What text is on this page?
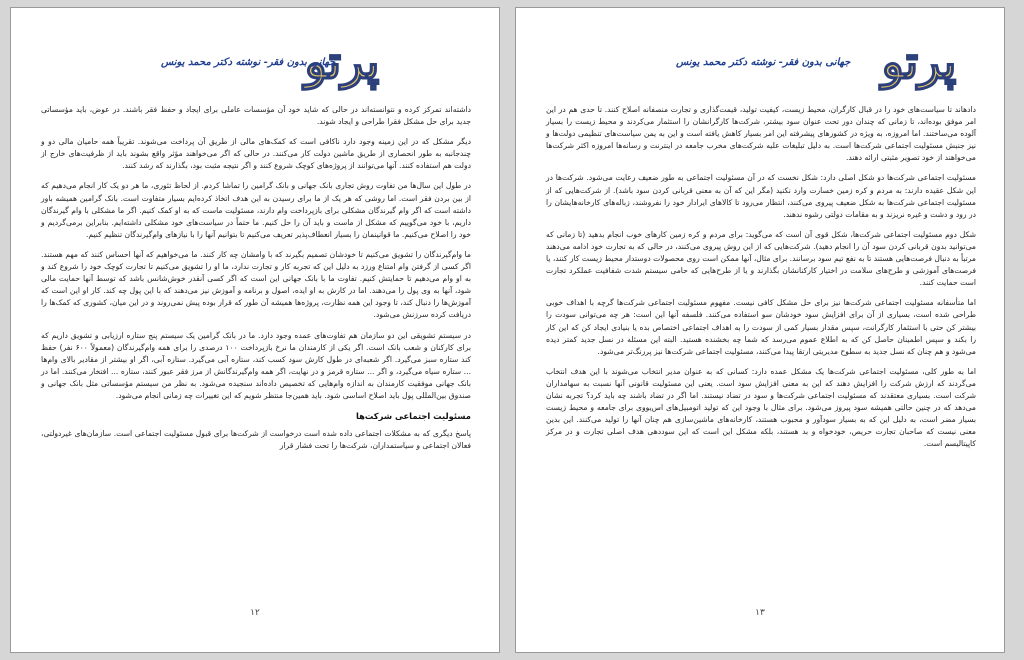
پرتو
جهانی بدون فقر- نوشته دکتر محمد یونس

داشته‌اند تمرکز کرده و نتوانسته‌اند در حالی که شاید خود آن مؤسسات عاملی برای ایجاد و حفظ فقر باشند. در عوض، باید مؤسساتی جدید برای حل مشکل فقرا طراحی و ایجاد شوند.

دیگر مشکل که در این زمینه وجود دارد ناکافی است که کمک‌های مالی از طریق آن پرداخت می‌شوند. تقریباً همه حامیان مالی دو و چندجانبه به طور انحصاری از طریق ماشین دولت کار می‌کنند. در حالی که اگر می‌خواهند مؤثر واقع بشوند باید از ظرفیت‌های خارج از دولت هم استفاده کنند. آنها می‌توانند از پروژه‌های کوچک شروع کنند و اگر نتیجه مثبت بود، بگذارند که رشد کنند.

در طول این سال‌ها من تفاوت روش تجاری بانک جهانی و بانک گرامین را تماشا کردم. از لحاظ تئوری، ما هر دو یک کار انجام می‌دهیم که از بین بردن فقر است. اما روشی که هر یک از ما برای رسیدن به این هدف اتخاذ کرده‌ایم بسیار متفاوت است. بانک گرامین همیشه باور داشته است که اگر وام گیرندگان مشکلی برای بازپرداخت وام دارند، مسئولیت ماست که به او کمک کنیم. اگر ما مشکلی با وام گیرندگان داریم، با خود می‌گوییم که مشکل از ماست و باید آن را حل کنیم. ما حتماً در سیاست‌های خود مشکلی داشته‌ایم. بنابراین برمی‌گردیم و خود را اصلاح می‌کنیم. ما قوانینمان را بسیار انعطاف‌پذیر تعریف می‌کنیم تا بتوانیم آنها را با نیازهای وام‌گیرندگان تنظیم کنیم.

ما وام‌گیرندگان را تشویق می‌کنیم تا خودشان تصمیم بگیرند که با وامشان چه کار کنند. ما می‌خواهیم که آنها احساس کنند که مهم هستند. اگر کسی از گرفتن وام امتناع ورزد به دلیل این که تجربه کار و تجارت ندارد، ما او را تشویق می‌کنیم تا تجارت کوچک خود را شروع کند و به او وام می‌دهیم تا حمایتش کنیم. تفاوت ما با بانک جهانی این است که اگر کسی آنقدر خوش‌شانس باشد که توسط آنها حمایت مالی شود، آنها به وی پول را می‌دهند. اما در کارش به او ایده، اصول و برنامه و آموزش نیز می‌دهند که با این پول چه کند. کار او این است که آموزش‌ها را دنبال کند، تا وجود این همه نظارت، پروژه‌ها همیشه آن طور که قرار بوده پیش نمی‌روند و در این میان، کشوری که کمک‌ها را دریافت کرده سرزنش می‌شود.

در سیستم تشویقی این دو سازمان هم تفاوت‌های عمده وجود دارد. ما در بانک گرامین یک سیستم پنج ستاره ارزیابی و تشویق داریم که برای کارکنان و شعب بانک است. اگر یکی از کارمندان ما نرخ بازپرداخت ۱۰۰ درصدی را برای همه وام‌گیرندگان (معمولاً ۶۰۰ نفر) حفظ کند ستاره سبز می‌گیرد. اگر شعبه‌ای در طول کارش سود کسب کند، ستاره آبی می‌گیرد. ستاره آبی، اگر او بیشتر از مقادیر بالای وام‌ها ... ستاره سیاه می‌گیرد، و اگر ... ستاره قرمز و در نهایت، اگر همه وام‌گیرندگانش از مرز فقر عبور کنند، ستاره ... افتخار می‌کنند. اما در بانک جهانی موفقیت کارمندان به اندازه وام‌هایی که تخصیص داده‌اند سنجیده می‌شود. به نظر من سیستم مؤسساتی مثل بانک جهانی و صندوق بین‌المللی پول باید اصلاح اساسی شود. باید همین‌جا منتظر شویم که این تغییرات چه زمانی انجام می‌شود.

مسئولیت اجتماعی شرکت‌ها

پاسخ دیگری که به مشکلات اجتماعی داده شده است درخواست از شرکت‌ها برای قبول مسئولیت اجتماعی است. سازمان‌های غیردولتی، فعالان اجتماعی و سیاستمداران، شرکت‌ها را تحت فشار قرار

۱۲
پرتو
جهانی بدون فقر- نوشته دکتر محمد یونس

دادهاند تا سیاست‌های خود را در قبال کارگران، محیط زیست، کیفیت تولید، قیمت‌گذاری و تجارت منصفانه اصلاح کنند. تا حدی هم در این امر موفق بوده‌اند، تا زمانی که چندان دور تحت عنوان سود بیشتر، شرکت‌ها کارگرانشان را استثمار می‌کردند و محیط زیست را بسیار آلوده می‌ساختند. اما امروزه، به ویژه در کشورهای پیشرفته این امر بسیار کاهش یافته است و این به یمن سیاست‌های تنظیمی دولت‌ها و نیز جنبش مسئولیت اجتماعی شرکت‌ها است. به دلیل تبلیغات علیه شرکت‌های مخرب جامعه در اینترنت و رسانه‌ها امروزه اکثر شرکت‌ها می‌خواهند از خود تصویر مثبتی ارائه دهند.

مسئولیت اجتماعی شرکت‌ها دو شکل اصلی دارد: شکل نخست که در آن مسئولیت اجتماعی به طور ضعیف رعایت می‌شود. شرکت‌ها در این شکل عقیده دارند: به مردم و کره زمین خسارت وارد نکنید (مگر این که آن به معنی قربانی کردن سود باشد). از شرکت‌هایی که از مسئولیت اجتماعی شرکت‌ها به شکل ضعیف پیروی می‌کنند، انتظار می‌رود تا کالاهای ایرادار خود را نفروشند، زباله‌های کارخانه‌هایشان را در رود و دشت و غیره نریزند و به مقامات دولتی رشوه ندهند.

شکل دوم مسئولیت اجتماعی شرکت‌ها، شکل قوی آن است که می‌گوید: برای مردم و کره زمین کارهای خوب انجام بدهید (تا زمانی که می‌توانید بدون قربانی کردن سود آن را انجام دهید). شرکت‌هایی که از این روش پیروی می‌کنند، در حالی که به تجارت خود ادامه می‌دهند مرتباً به دنبال فرصت‌هایی هستند تا به نفع تیم سود برسانند. برای مثال، آنها ممکن است روی محصولات دوستدار محیط زیست کار کنند، یا فرصت‌های آموزشی و طرح‌های سلامت در اختیار کارکنانشان بگذارند و یا از طرح‌هایی که حامی سیستم شدت شفافیت عملکرد تجارت است حمایت کنند.

اما متأسفانه مسئولیت اجتماعی شرکت‌ها نیز برای حل مشکل کافی نیست. مفهوم مسئولیت اجتماعی شرکت‌ها گرچه با اهداف خوبی طراحی شده است، بسیاری از آن برای افزایش سود خودشان سو استفاده می‌کنند. فلسفه آنها این است: هر چه می‌توانی سودت را بیشتر کن حتی با استثمار کارگرانت، سپس مقدار بسیار کمی از سودت را به اهداف اجتماعی اختصاص بده یا بنیادی ایجاد کن که این کار را بکند و سپس اطمینان حاصل کن که به اطلاع عموم می‌رسد که شما چه بخشنده هستید. البته این مسئله در نسل جدید کمتر دیده می‌شود و هم چنان که نسل جدید به سطوح مدیریتی ارتقا پیدا می‌کنند، مسئولیت اجتماعی شرکت‌ها نیز پررنگ‌تر می‌شود.

اما به طور کلی، مسئولیت اجتماعی شرکت‌ها یک مشکل عمده دارد: کسانی که به عنوان مدیر انتخاب می‌شوند با این هدف انتخاب می‌گردند که ارزش شرکت را افزایش دهند که این به معنی افزایش سود است. یعنی این مسئولیت قانونی آنها نسبت به سهامداران شرکت است. بسیاری معتقدند که مسئولیت اجتماعی شرکت‌ها و سود در تضاد نیستند. اما اگر در تضاد باشند چه باید کرد؟ تجربه نشان می‌دهد که در چنین حالتی همیشه سود پیروز می‌شود. برای مثال با وجود این که تولید اتومبیل‌های اس‌یو‌وی برای جامعه و محیط زیست بسیار مضر است، به دلیل این که به بسیار سودآور و محبوب هستند، کارخانه‌های ماشین‌سازی هم چنان آنها را تولید می‌کنند. این بدین معنی نیست که صاحبان تجارت حریص، خودخواه و بد هستند، بلکه مشکل این است که این سوددهی هدف اصلی تجارت و در مرکز کاپیتالیسم است.

۱۳
